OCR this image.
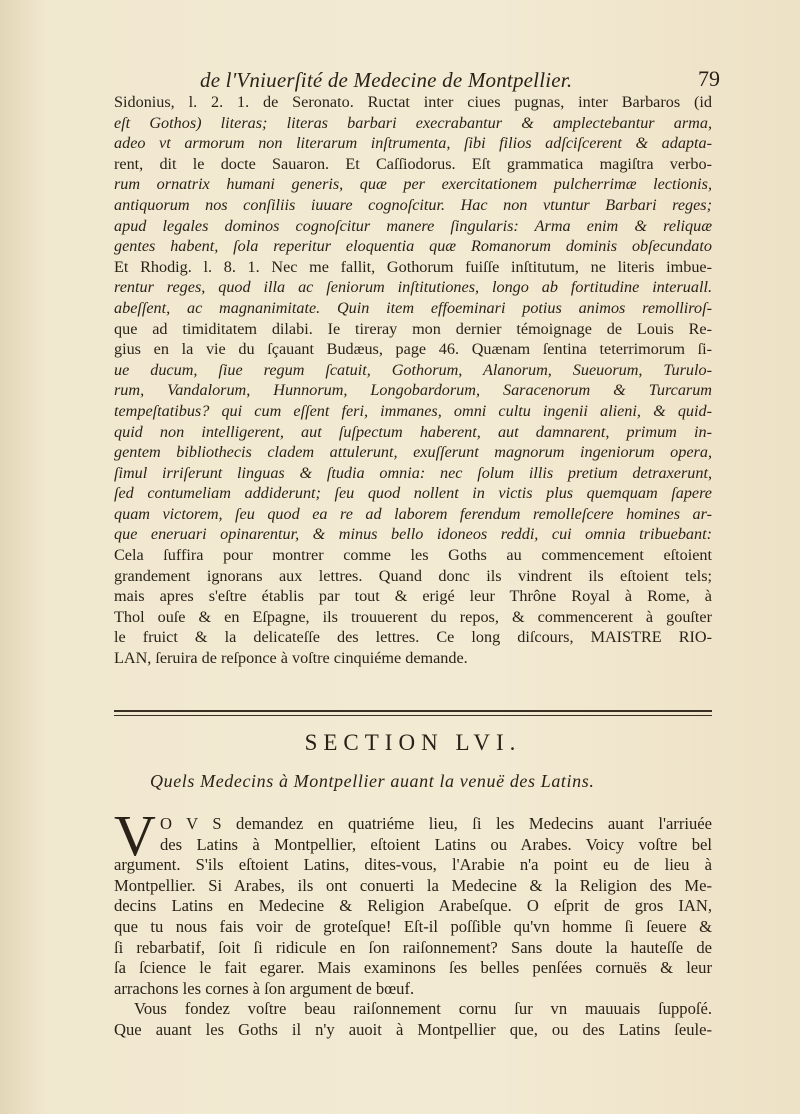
de l'Vniuerſité de Medecine de Montpellier.	79
Sidonius, l. 2. 1. de Seronato. Ructat inter ciues pugnas, inter Barbaros (id
eſt Gothos) literas; literas barbari execrabantur & amplectebantur arma,
adeo vt armorum non literarum inſtrumenta, ſibi filios adſciſcerent & adapta-
rent, dit le docte Sauaron. Et Caſſiodorus. Eſt grammatica magiſtra verbo-
rum ornatrix humani generis, quæ per exercitationem pulcherrimæ lectionis,
antiquorum nos conſiliis iuuare cognoſcitur. Hac non vtuntur Barbari reges;
apud legales dominos cognoſcitur manere ſingularis: Arma enim & reliquæ
gentes habent, ſola reperitur eloquentia quæ Romanorum dominis obſecundato
Et Rhodig. l. 8. 1. Nec me fallit, Gothorum fuiſſe inſtitutum, ne literis imbue-
rentur reges, quod illa ac ſeniorum inſtitutiones, longo ab fortitudine interuall.
abeſſent, ac magnanimitate. Quin item effoeminari potius animos remolliroſ-
que ad timiditatem dilabi. Ie tireray mon dernier témoignage de Louis Re-
gius en la vie du ſçauant Budæus, page 46. Quænam ſentina teterrimorum ſi-
ue ducum, ſiue regum ſcatuit, Gothorum, Alanorum, Sueuorum, Turulo-
rum, Vandalorum, Hunnorum, Longobardorum, Saracenorum & Turcarum
tempeſtatibus? qui cum eſſent feri, immanes, omni cultu ingenii alieni, & quid-
quid non intelligerent, aut ſuſpectum haberent, aut damnarent, primum in-
gentem bibliothecis cladem attulerunt, exuſſerunt magnorum ingeniorum opera,
ſimul irriſerunt linguas & ſtudia omnia: nec ſolum illis pretium detraxerunt,
ſed contumeliam addiderunt; ſeu quod nollent in victis plus quemquam ſapere
quam victorem, ſeu quod ea re ad laborem ferendum remolleſcere homines ar-
que eneruari opinarentur, & minus bello idoneos reddi, cui omnia tribuebant:
Cela ſuffira pour montrer comme les Goths au commencement eſtoient
grandement ignorans aux lettres. Quand donc ils vindrent ils eſtoient tels;
mais apres s'eſtre établis par tout & erigé leur Thrône Royal à Rome, à
Thol ouſe & en Eſpagne, ils trouuerent du repos, & commencerent à gouſter
le fruict & la delicateſſe des lettres. Ce long diſcours, MAISTRE RIO-
LAN, ſeruira de reſponce à voſtre cinquiéme demande.
SECTION LVI.
Quels Medecins à Montpellier auant la venuë des Latins.
V O V S demandez en quatriéme lieu, ſi les Medecins auant l'arriuée
des Latins à Montpellier, eſtoient Latins ou Arabes. Voicy voſtre bel
argument. S'ils eſtoient Latins, dites-vous, l'Arabie n'a point eu de lieu à
Montpellier. Si Arabes, ils ont conuerti la Medecine & la Religion des Me-
decins Latins en Medecine & Religion Arabeſque. O eſprit de gros IAN,
que tu nous fais voir de groteſque! Eſt-il poſſible qu'vn homme ſi ſeuere &
ſi rebarbatif, ſoit ſi ridicule en ſon raiſonnement? Sans doute la hauteſſe de
ſa ſcience le fait egarer. Mais examinons ſes belles penſées cornuës & leur
arrachons les cornes à ſon argument de bœuf.
Vous fondez voſtre beau raiſonnement cornu ſur vn mauuais ſuppoſé.
Que auant les Goths il n'y auoit à Montpellier que, ou des Latins ſeule-
